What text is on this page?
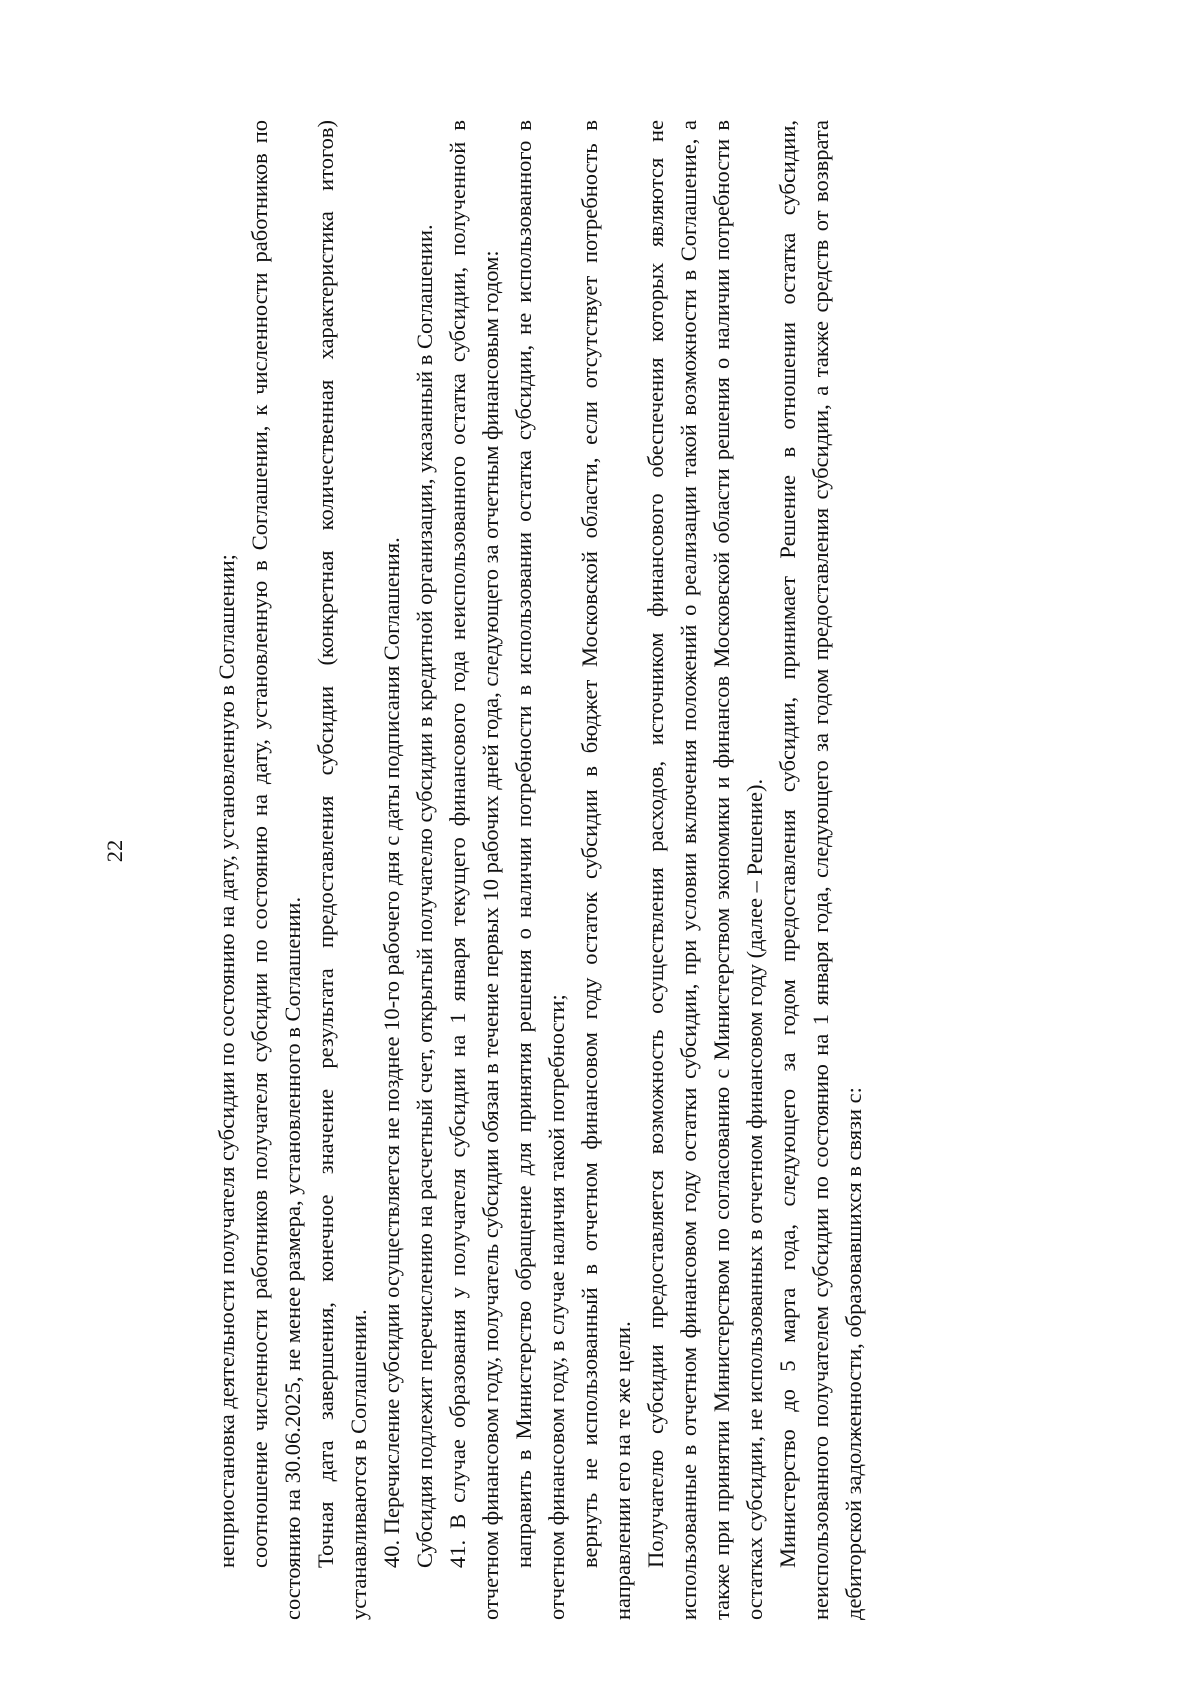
22	неприостановка деятельности получателя субсидии по состоянию на дату, установленную в Соглашении; соотношение численности работников получателя субсидии по состоянию на дату, установленную в Соглашении, к численности работников по состоянию на 30.06.2025, не менее размера, установленного в Соглашении. Точная дата завершения, конечное значение результата предоставления субсидии (конкретная количественная характеристика итогов) устанавливаются в Соглашении. 40. Перечисление субсидии осуществляется не позднее 10-го рабочего дня с даты подписания Соглашения. Субсидия подлежит перечислению на расчетный счет, открытый получателю субсидии в кредитной организации, указанный в Соглашении. 41. В случае образования у получателя субсидии на 1 января текущего финансового года неиспользованного остатка субсидии, полученной в отчетном финансовом году, получатель субсидии обязан в течение первых 10 рабочих дней года, следующего за отчетным финансовым годом: направить в Министерство обращение для принятия решения о наличии потребности в использовании остатка субсидии, не использованного в отчетном финансовом году, в случае наличия такой потребности; вернуть не использованный в отчетном финансовом году остаток субсидии в бюджет Московской области, если отсутствует потребность в направлении его на те же цели. Получателю субсидии предоставляется возможность осуществления расходов, источником финансового обеспечения которых являются не использованные в отчетном финансовом году остатки субсидии, при условии включения положений о реализации такой возможности в Соглашение, а также при принятии Министерством по согласованию с Министерством экономики и финансов Московской области решения о наличии потребности в остатках субсидии, не использованных в отчетном финансовом году (далее – Решение). Министерство до 5 марта года, следующего за годом предоставления субсидии, принимает Решение в отношении остатка субсидии, неиспользованного получателем субсидии по состоянию на 1 января года, следующего за годом предоставления субсидии, а также средств от возврата дебиторской задолженности, образовавшихся в связи с:
